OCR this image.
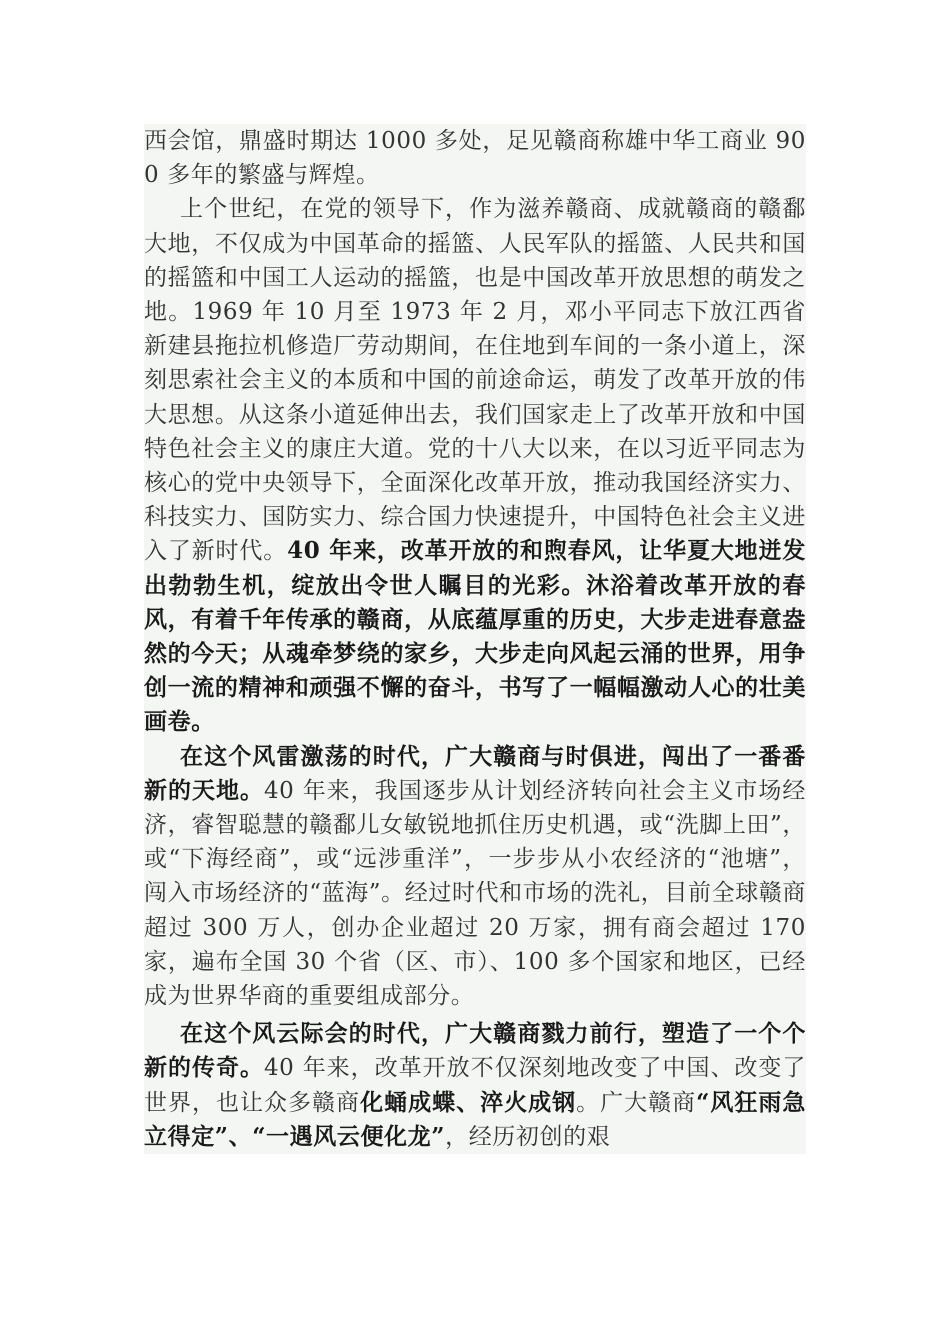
西会馆，鼎盛时期达 1000 多处，足见赣商称雄中华工商业 900 多年的繁盛与辉煌。

上个世纪，在党的领导下，作为滋养赣商、成就赣商的赣鄱大地，不仅成为中国革命的摇篮、人民军队的摇篮、人民共和国的摇篮和中国工人运动的摇篮，也是中国改革开放思想的萌发之地。1969 年 10 月至 1973 年 2 月，邓小平同志下放江西省新建县拖拉机修造厂劳动期间，在住地到车间的一条小道上，深刻思索社会主义的本质和中国的前途命运，萌发了改革开放的伟大思想。从这条小道延伸出去，我们国家走上了改革开放和中国特色社会主义的康庄大道。党的十八大以来，在以习近平同志为核心的党中央领导下，全面深化改革开放，推动我国经济实力、科技实力、国防实力、综合国力快速提升，中国特色社会主义进入了新时代。40 年来，改革开放的和煦春风，让华夏大地迸发出勃勃生机，绽放出令世人瞩目的光彩。沐浴着改革开放的春风，有着千年传承的赣商，从底蕴厚重的历史，大步走进春意盎然的今天；从魂牵梦绕的家乡，大步走向风起云涌的世界，用争创一流的精神和顽强不懈的奋斗，书写了一幅幅激动人心的壮美画卷。

在这个风雷激荡的时代，广大赣商与时俱进，闯出了一番番新的天地。40 年来，我国逐步从计划经济转向社会主义市场经济，睿智聪慧的赣鄱儿女敏锐地抓住历史机遇，或“洗脚上田”，或“下海经商”，或“远涉重洋”，一步步从小农经济的“池塘”，闯入市场经济的“蓝海”。经过时代和市场的洗礼，目前全球赣商超过 300 万人，创办企业超过 20 万家，拥有商会超过 170 家，遍布全国 30 个省（区、市）、100 多个国家和地区，已经成为世界华商的重要组成部分。

在这个风云际会的时代，广大赣商戮力前行，塑造了一个个新的传奇。40 年来，改革开放不仅深刻地改变了中国、改变了世界，也让众多赣商化蛹成蝶、淬火成钢。广大赣商“风狂雨急立得定”、“一遇风云便化龙”，经历初创的艰
